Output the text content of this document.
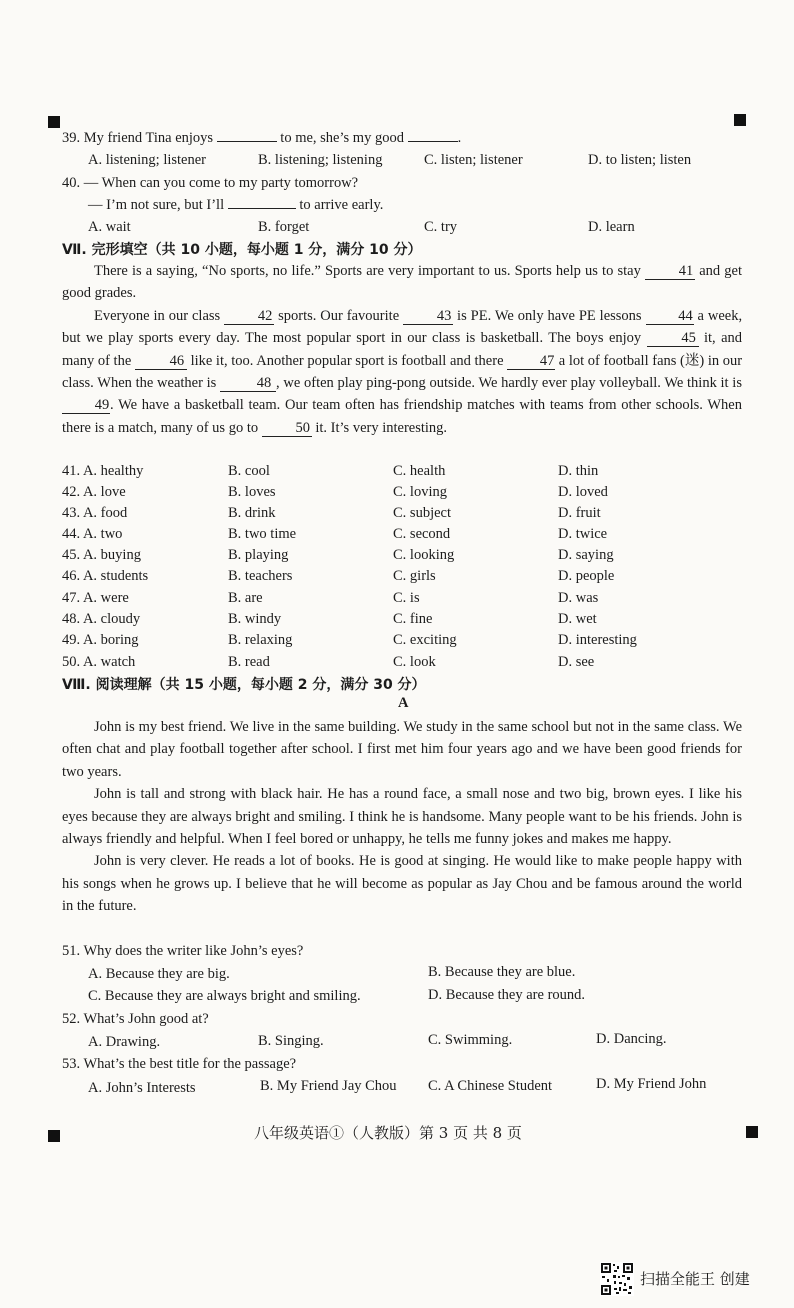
39. My friend Tina enjoys	to me, she’s my good	.
A. listening; listener	B. listening; listening	C. listen; listener	D. to listen; listen
40. — When can you come to my party tomorrow?
— I’m not sure, but I’ll	to arrive early.
A. wait	B. forget	C. try	D. learn
Ⅶ. 完形填空（共 10 小题，每小题 1 分，满分 10 分）

There is a saying, “No sports, no life.” Sports are very important to us. Sports help us to stay	41 and get good grades.

Everyone in our class	42 sports. Our favourite	43 is PE. We only have PE lessons	44 a week, but we play sports every day. The most popular sport in our class is basketball. The boys enjoy	45 it, and many of the	46 like it, too. Another popular sport is football and there	47 a lot of football fans (迷) in our class. When the weather is	48 , we often play ping-pong outside. We hardly ever play volleyball. We think it is 49. We have a basketball team. Our team often has friendship matches with teams from other schools. When there is a match, many of us go to	50 it. It’s very interesting.

41. A. healthy	B. cool	C. health	D. thin
42. A. love	B. loves	C. loving	D. loved
43. A. food	B. drink	C. subject	D. fruit
44. A. two	B. two time	C. second	D. twice
45. A. buying	B. playing	C. looking	D. saying
46. A. students	B. teachers	C. girls	D. people
47. A. were	B. are	C. is	D. was
48. A. cloudy	B. windy	C. fine	D. wet
49. A. boring	B. relaxing	C. exciting	D. interesting
50. A. watch	B. read	C. look	D. see
Ⅷ. 阅读理解（共 15 小题，每小题 2 分，满分 30 分）
A

John is my best friend. We live in the same building. We study in the same school but not in the same class. We often chat and play football together after school. I first met him four years ago and we have been good friends for two years.

John is tall and strong with black hair. He has a round face, a small nose and two big, brown eyes. I like his eyes because they are always bright and smiling. I think he is handsome. Many people want to be his friends. John is always friendly and helpful. When I feel bored or unhappy, he tells me funny jokes and makes me happy.

John is very clever. He reads a lot of books. He is good at singing. He would like to make people happy with his songs when he grows up. I believe that he will become as popular as Jay Chou and be famous around the world in the future.

51. Why does the writer like John’s eyes?
A. Because they are big.	B. Because they are blue.
C. Because they are always bright and smiling.	D. Because they are round.
52. What’s John good at?
A. Drawing.	B. Singing.	C. Swimming.	D. Dancing.
53. What’s the best title for the passage?
A. John’s Interests	B. My Friend Jay Chou C. A Chinese Student	D. My Friend John
八年级英语①（人教版）第 3 页 共 8 页
扫描全能王 创建
